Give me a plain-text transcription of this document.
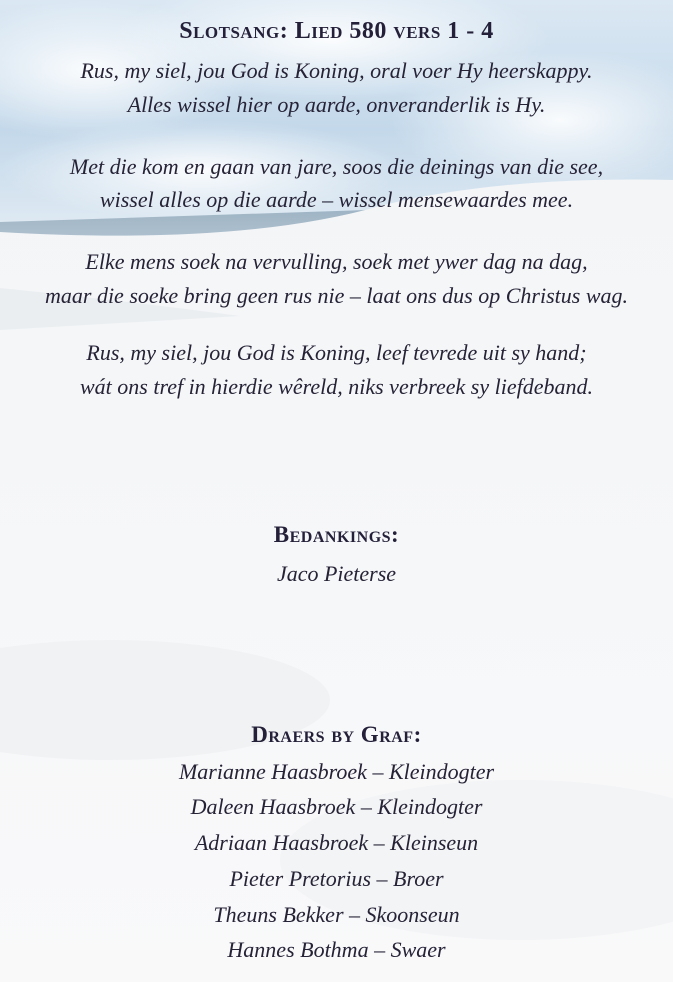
Slotsang: Lied 580 vers 1 - 4
Rus, my siel, jou God is Koning, oral voer Hy heerskappy.
Alles wissel hier op aarde, onveranderlik is Hy.
Met die kom en gaan van jare, soos die deinings van die see,
wissel alles op die aarde – wissel mensewaardes mee.
Elke mens soek na vervulling, soek met ywer dag na dag,
maar die soeke bring geen rus nie – laat ons dus op Christus wag.
Rus, my siel, jou God is Koning, leef tevrede uit sy hand;
wát ons tref in hierdie wêreld, niks verbreek sy liefdeband.
Bedankings:
Jaco Pieterse
Draers by Graf:
Marianne Haasbroek – Kleindogter
Daleen Haasbroek – Kleindogter
Adriaan Haasbroek – Kleinseun
Pieter Pretorius – Broer
Theuns Bekker – Skoonseun
Hannes Bothma – Swaer
